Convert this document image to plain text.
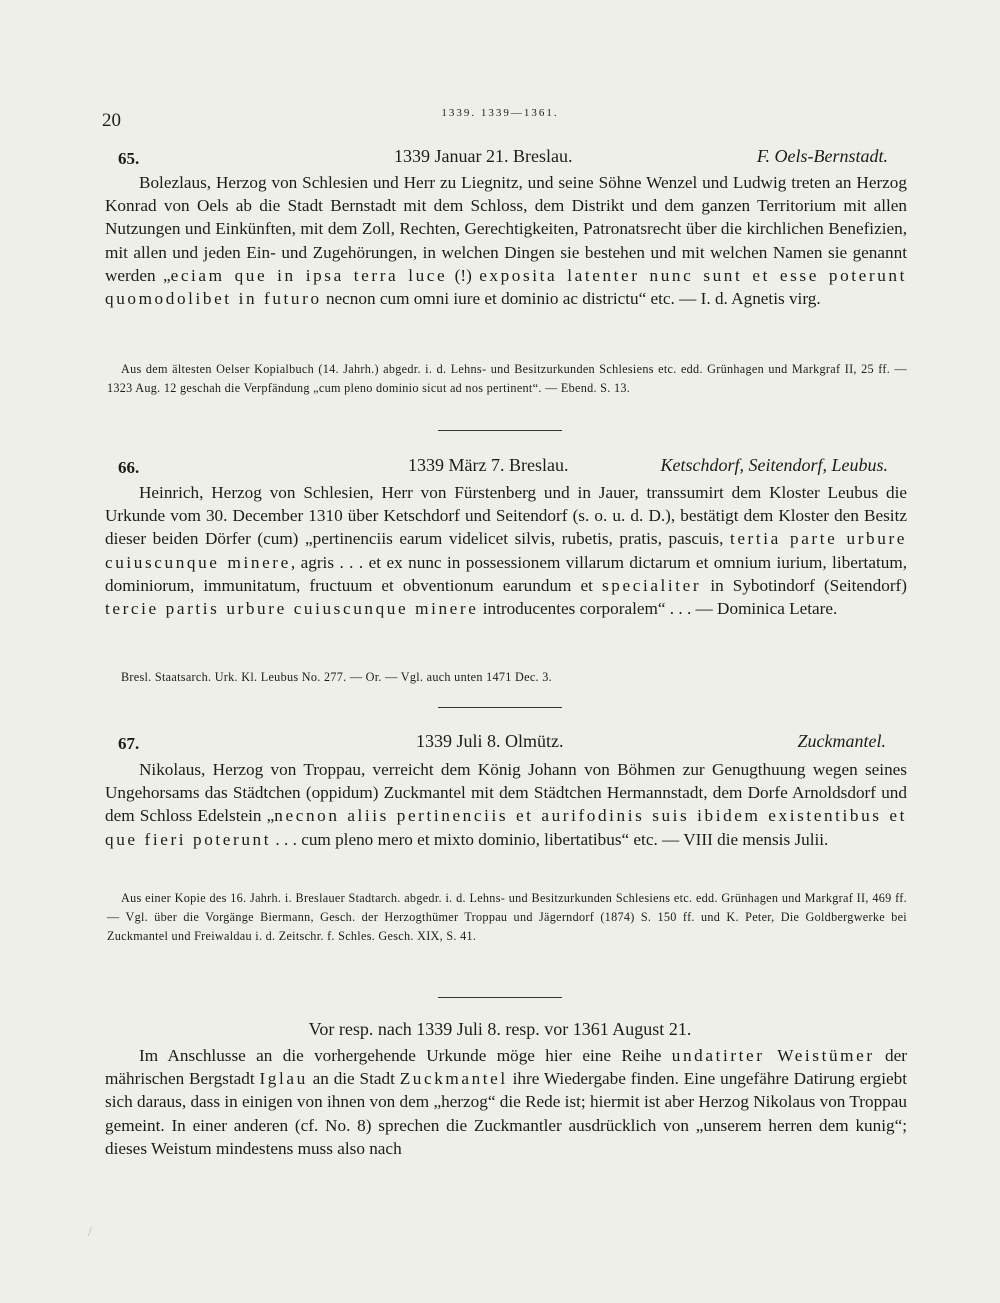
20	1339. 1339—1361.
65.	1339 Januar 21. Breslau.	F. Oels-Bernstadt.
Bolezlaus, Herzog von Schlesien und Herr zu Liegnitz, und seine Söhne Wenzel und Ludwig treten an Herzog Konrad von Oels ab die Stadt Bernstadt mit dem Schloss, dem Distrikt und dem ganzen Territorium mit allen Nutzungen und Einkünften, mit dem Zoll, Rechten, Gerechtigkeiten, Patronatsrecht über die kirchlichen Benefizien, mit allen und jeden Ein- und Zugehörungen, in welchen Dingen sie bestehen und mit welchen Namen sie genannt werden „eciam que in ipsa terra luce (!) exposita latenter nunc sunt et esse poterunt quomodolibet in futuro necnon cum omni iure et dominio ac districtu“ etc. — I. d. Agnetis virg.
Aus dem ältesten Oelser Kopialbuch (14. Jahrh.) abgedr. i. d. Lehns- und Besitzurkunden Schlesiens etc. edd. Grünhagen und Markgraf II, 25 ff. — 1323 Aug. 12 geschah die Verpfändung „cum pleno dominio sicut ad nos pertinent“. — Ebend. S. 13.
66.	1339 März 7. Breslau.	Ketschdorf, Seitendorf, Leubus.
Heinrich, Herzog von Schlesien, Herr von Fürstenberg und in Jauer, transsumirt dem Kloster Leubus die Urkunde vom 30. December 1310 über Ketschdorf und Seitendorf (s. o. u. d. D.), bestätigt dem Kloster den Besitz dieser beiden Dörfer (cum) „pertinenciis earum videlicet silvis, rubetis, pratis, pascuis, tertia parte urbure cuiuscunque minere, agris . . . et ex nunc in possessionem villarum dictarum et omnium iurium, libertatum, dominiorum, immunitatum, fructuum et obventionum earundum et specialiter in Sybotindorf (Seitendorf) tercie partis urbure cuiuscunque minere introducentes corporalem“ . . . — Dominica Letare.
Bresl. Staatsarch. Urk. Kl. Leubus No. 277. — Or. — Vgl. auch unten 1471 Dec. 3.
67.	1339 Juli 8. Olmütz.	Zuckmantel.
Nikolaus, Herzog von Troppau, verreicht dem König Johann von Böhmen zur Genugthuung wegen seines Ungehorsams das Städtchen (oppidum) Zuckmantel mit dem Städtchen Hermannstadt, dem Dorfe Arnoldsdorf und dem Schloss Edelstein „necnon aliis pertinenciis et aurifodinis suis ibidem existentibus et que fieri poterunt . . . cum pleno mero et mixto dominio, libertatibus“ etc. — VIII die mensis Julii.
Aus einer Kopie des 16. Jahrh. i. Breslauer Stadtarch. abgedr. i. d. Lehns- und Besitzurkunden Schlesiens etc. edd. Grünhagen und Markgraf II, 469 ff. — Vgl. über die Vorgänge Biermann, Gesch. der Herzogthümer Troppau und Jägerndorf (1874) S. 150 ff. und K. Peter, Die Goldbergwerke bei Zuckmantel und Freiwaldau i. d. Zeitschr. f. Schles. Gesch. XIX, S. 41.
Vor resp. nach 1339 Juli 8. resp. vor 1361 August 21.
Im Anschlusse an die vorhergehende Urkunde möge hier eine Reihe undatirter Weistümer der mährischen Bergstadt Iglau an die Stadt Zuckmantel ihre Wiedergabe finden. Eine ungefähre Datirung ergiebt sich daraus, dass in einigen von ihnen von dem „herzog“ die Rede ist; hiermit ist aber Herzog Nikolaus von Troppau gemeint. In einer anderen (cf. No. 8) sprechen die Zuckmantler ausdrücklich von „unserem herren dem kunig“; dieses Weistum mindestens muss also nach
/
